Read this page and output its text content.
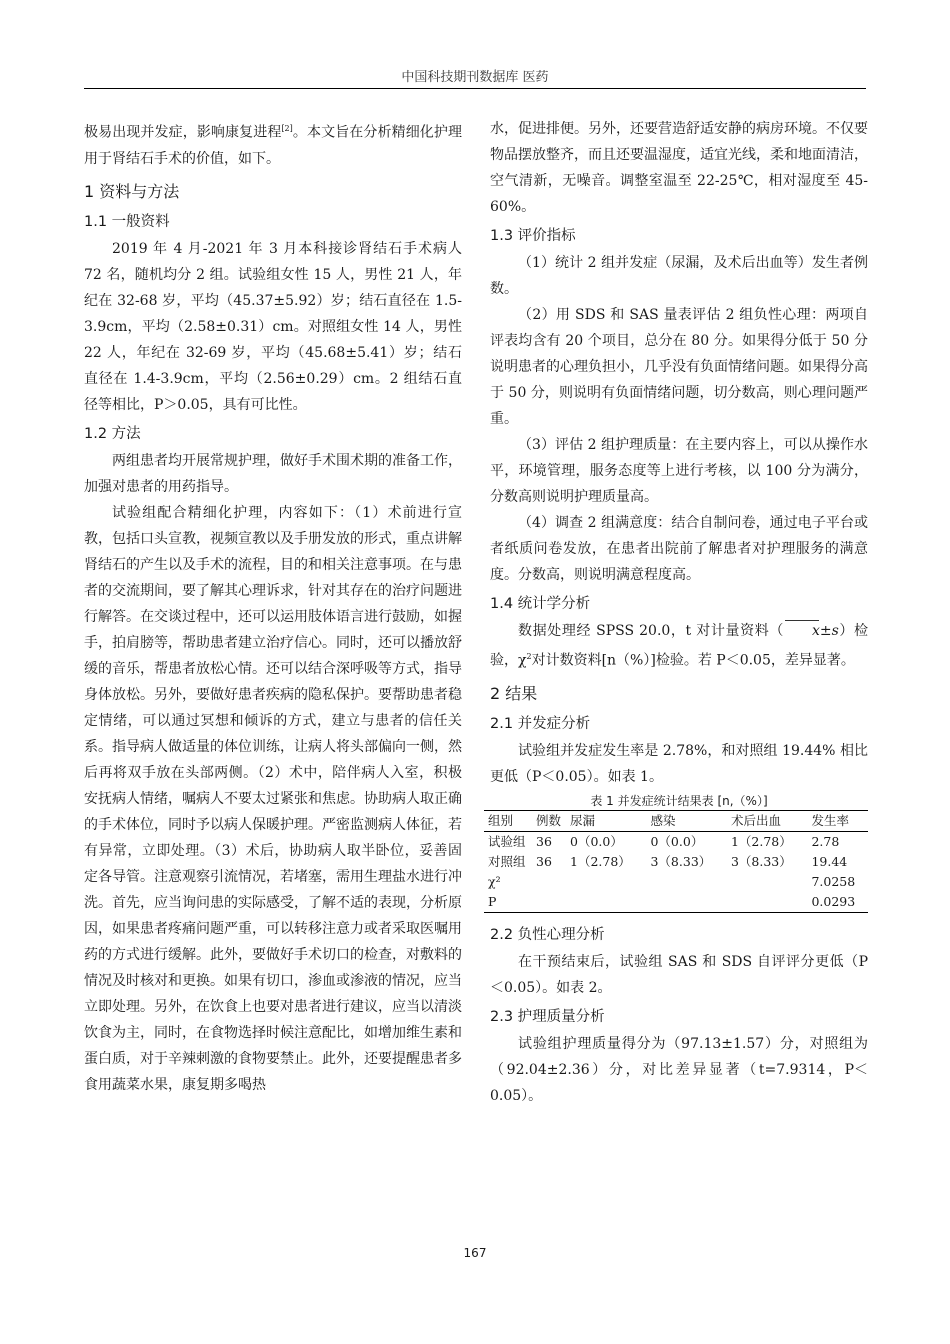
中国科技期刊数据库 医药

极易出现并发症，影响康复进程[2]。本文旨在分析精细化护理用于肾结石手术的价值，如下。

1 资料与方法
1.1 一般资料

2019 年 4 月-2021 年 3 月本科接诊肾结石手术病人 72 名，随机均分 2 组。试验组女性 15 人，男性 21 人，年纪在 32-68 岁，平均（45.37±5.92）岁；结石直径在 1.5-3.9cm，平均（2.58±0.31）cm。对照组女性 14 人，男性 22 人，年纪在 32-69 岁，平均（45.68±5.41）岁；结石直径在 1.4-3.9cm，平均（2.56±0.29）cm。2 组结石直径等相比，P＞0.05，具有可比性。

1.2 方法

两组患者均开展常规护理，做好手术围术期的准备工作，加强对患者的用药指导。

试验组配合精细化护理，内容如下：（1）术前进行宣教，包括口头宣教，视频宣教以及手册发放的形式，重点讲解肾结石的产生以及手术的流程，目的和相关注意事项。在与患者的交流期间，要了解其心理诉求，针对其存在的治疗问题进行解答。在交谈过程中，还可以运用肢体语言进行鼓励，如握手，拍肩膀等，帮助患者建立治疗信心。同时，还可以播放舒缓的音乐，帮患者放松心情。还可以结合深呼吸等方式，指导身体放松。另外，要做好患者疾病的隐私保护。要帮助患者稳定情绪，可以通过冥想和倾诉的方式，建立与患者的信任关系。指导病人做适量的体位训练，让病人将头部偏向一侧，然后再将双手放在头部两侧。（2）术中，陪伴病人入室，积极安抚病人情绪，嘱病人不要太过紧张和焦虑。协助病人取正确的手术体位，同时予以病人保暖护理。严密监测病人体征，若有异常，立即处理。（3）术后，协助病人取半卧位，妥善固定各导管。注意观察引流情况，若堵塞，需用生理盐水进行冲洗。首先，应当询问患的实际感受，了解不适的表现，分析原因，如果患者疼痛问题严重，可以转移注意力或者采取医嘱用药的方式进行缓解。此外，要做好手术切口的检查，对敷料的情况及时核对和更换。如果有切口，渗血或渗液的情况，应当立即处理。另外，在饮食上也要对患者进行建议，应当以清淡饮食为主，同时，在食物选择时候注意配比，如增加维生素和蛋白质，对于辛辣刺激的食物要禁止。此外，还要提醒患者多食用蔬菜水果，康复期多喝热

水，促进排便。另外，还要营造舒适安静的病房环境。不仅要物品摆放整齐，而且还要温湿度，适宜光线，柔和地面清洁，空气清新，无噪音。调整室温至 22-25℃，相对湿度至 45-60%。

1.3 评价指标

（1）统计 2 组并发症（尿漏，及术后出血等）发生者例数。

（2）用 SDS 和 SAS 量表评估 2 组负性心理：两项自评表均含有 20 个项目，总分在 80 分。如果得分低于 50 分说明患者的心理负担小，几乎没有负面情绪问题。如果得分高于 50 分，则说明有负面情绪问题，切分数高，则心理问题严重。

（3）评估 2 组护理质量：在主要内容上，可以从操作水平，环境管理，服务态度等上进行考核，以 100 分为满分，分数高则说明护理质量高。

（4）调查 2 组满意度：结合自制问卷，通过电子平台或者纸质问卷发放，在患者出院前了解患者对护理服务的满意度。分数高，则说明满意程度高。

1.4 统计学分析

数据处理经 SPSS 20.0，t 对计量资料（ x±s）检验，$\chi^2$对计数资料[n（%）]检验。若 P＜0.05，差异显著。

2 结果
2.1 并发症分析

试验组并发症发生率是 2.78%，和对照组 19.44% 相比更低（P＜0.05）。如表 1。

表 1 并发症统计结果表 [n,（%）]
组别	例数	尿漏	感染	术后出血	发生率
试验组	36	0（0.0）	0（0.0）	1（2.78）	2.78
对照组	36	1（2.78）	3（8.33）	3（8.33）	19.44
χ²					7.0258
P					0.0293
2.2 负性心理分析

在干预结束后，试验组 SAS 和 SDS 自评评分更低（P＜0.05）。如表 2。

2.3 护理质量分析

试验组护理质量得分为（97.13±1.57）分，对照组为（92.04±2.36）分，对比差异显著（t=7.9314，P＜0.05）。

167
